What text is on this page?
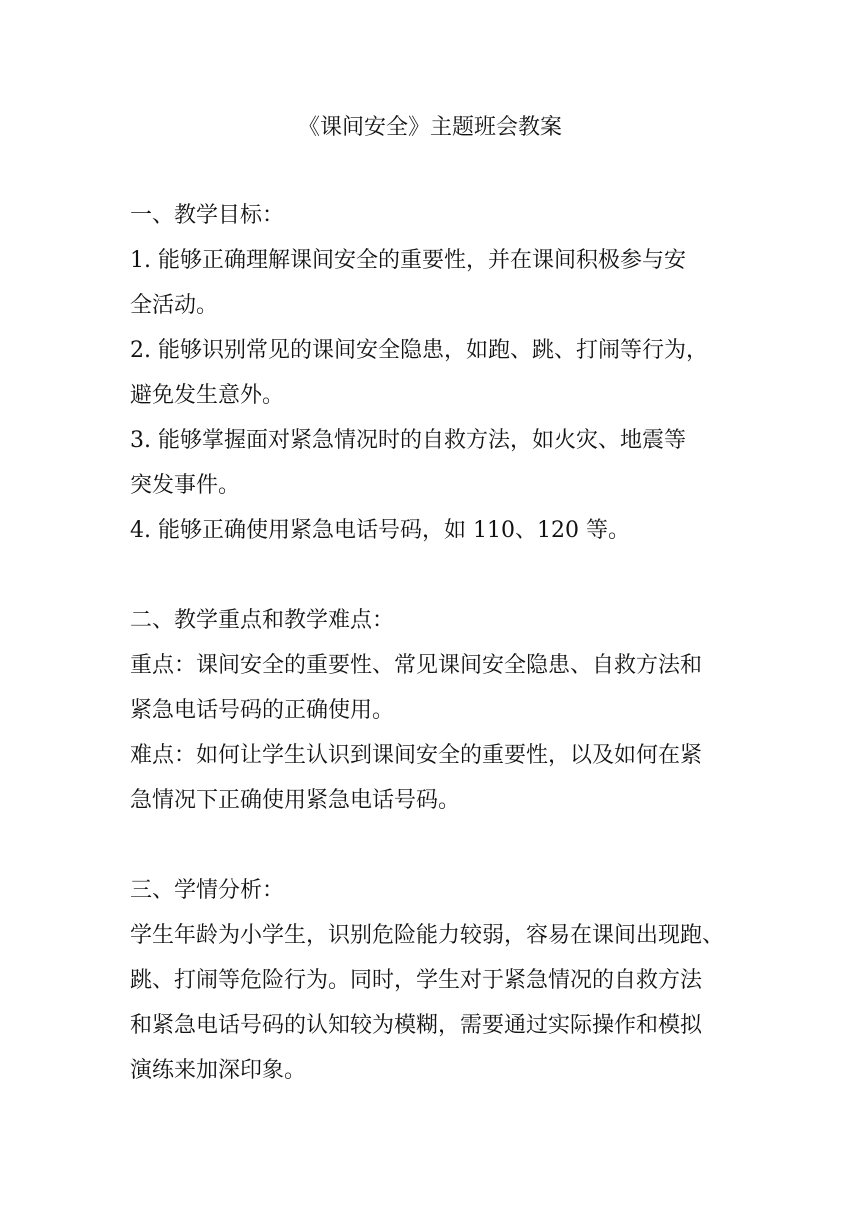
《课间安全》主题班会教案
一、教学目标：
1. 能够正确理解课间安全的重要性，并在课间积极参与安
全活动。
2. 能够识别常见的课间安全隐患，如跑、跳、打闹等行为，
避免发生意外。
3. 能够掌握面对紧急情况时的自救方法，如火灾、地震等
突发事件。
4. 能够正确使用紧急电话号码，如 110、120 等。
二、教学重点和教学难点：
重点：课间安全的重要性、常见课间安全隐患、自救方法和
紧急电话号码的正确使用。
难点：如何让学生认识到课间安全的重要性，以及如何在紧
急情况下正确使用紧急电话号码。
三、学情分析：
学生年龄为小学生，识别危险能力较弱，容易在课间出现跑、
跳、打闹等危险行为。同时，学生对于紧急情况的自救方法
和紧急电话号码的认知较为模糊，需要通过实际操作和模拟
演练来加深印象。
